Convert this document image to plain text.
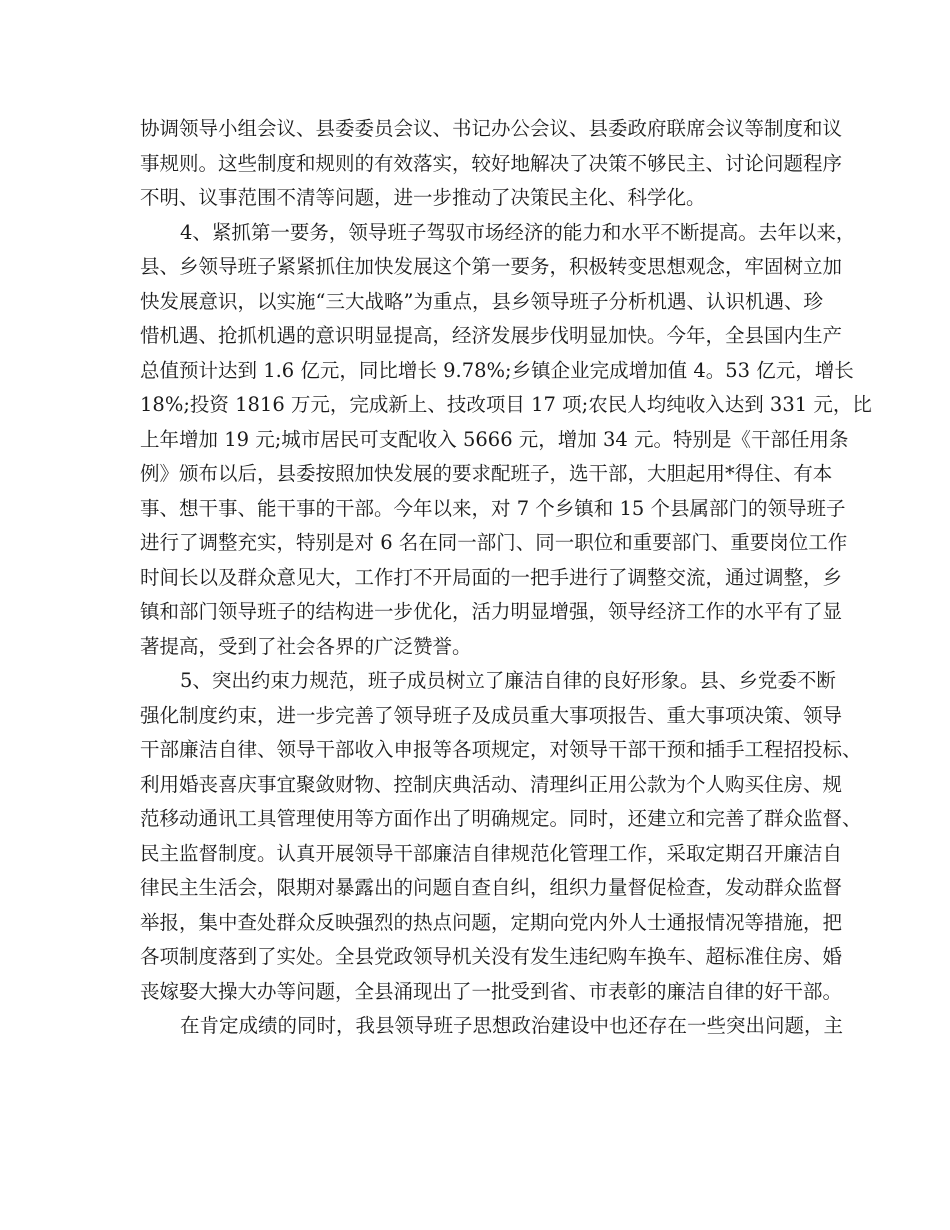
协调领导小组会议、县委委员会议、书记办公会议、县委政府联席会议等制度和议
事规则。这些制度和规则的有效落实，较好地解决了决策不够民主、讨论问题程序
不明、议事范围不清等问题，进一步推动了决策民主化、科学化。
4、紧抓第一要务，领导班子驾驭市场经济的能力和水平不断提高。去年以来，
县、乡领导班子紧紧抓住加快发展这个第一要务，积极转变思想观念，牢固树立加
快发展意识，以实施“三大战略”为重点，县乡领导班子分析机遇、认识机遇、珍
惜机遇、抢抓机遇的意识明显提高，经济发展步伐明显加快。今年，全县国内生产
总值预计达到 1.6 亿元，同比增长 9.78%;乡镇企业完成增加值 4。53 亿元，增长
18%;投资 1816 万元，完成新上、技改项目 17 项;农民人均纯收入达到 331 元，比
上年增加 19 元;城市居民可支配收入 5666 元，增加 34 元。特别是《干部任用条
例》颁布以后，县委按照加快发展的要求配班子，选干部，大胆起用*得住、有本
事、想干事、能干事的干部。今年以来，对 7 个乡镇和 15 个县属部门的领导班子
进行了调整充实，特别是对 6 名在同一部门、同一职位和重要部门、重要岗位工作
时间长以及群众意见大，工作打不开局面的一把手进行了调整交流，通过调整，乡
镇和部门领导班子的结构进一步优化，活力明显增强，领导经济工作的水平有了显
著提高，受到了社会各界的广泛赞誉。
5、突出约束力规范，班子成员树立了廉洁自律的良好形象。县、乡党委不断
强化制度约束，进一步完善了领导班子及成员重大事项报告、重大事项决策、领导
干部廉洁自律、领导干部收入申报等各项规定，对领导干部干预和插手工程招投标、
利用婚丧喜庆事宜聚敛财物、控制庆典活动、清理纠正用公款为个人购买住房、规
范移动通讯工具管理使用等方面作出了明确规定。同时，还建立和完善了群众监督、
民主监督制度。认真开展领导干部廉洁自律规范化管理工作，采取定期召开廉洁自
律民主生活会，限期对暴露出的问题自查自纠，组织力量督促检查，发动群众监督
举报，集中查处群众反映强烈的热点问题，定期向党内外人士通报情况等措施，把
各项制度落到了实处。全县党政领导机关没有发生违纪购车换车、超标准住房、婚
丧嫁娶大操大办等问题，全县涌现出了一批受到省、市表彰的廉洁自律的好干部。
在肯定成绩的同时，我县领导班子思想政治建设中也还存在一些突出问题，主
